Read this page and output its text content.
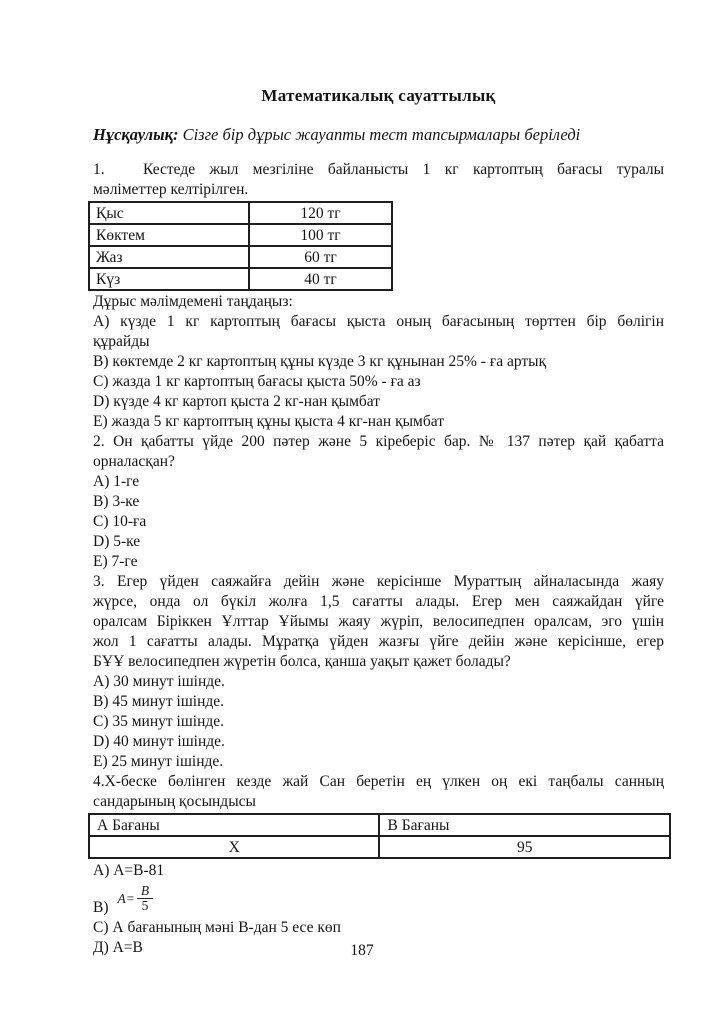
Математикалық сауаттылық

Нұсқаулық: Сізге бір дұрыс жауапты тест тапсырмалары беріледі

1. Кестеде жыл мезгіліне байланысты 1 кг картоптың бағасы туралы
мәліметтер келтірілген.
Қыс	120 тг
Көктем	100 тг
Жаз	60 тг
Күз	40 тг
Дұрыс мәлімдемені таңдаңыз:
А) күзде 1 кг картоптың бағасы қыста оның бағасының төрттен бір бөлігін
құрайды
В) көктемде 2 кг картоптың құны күзде 3 кг құнынан 25% - ға артық
С) жазда 1 кг картоптың бағасы қыста 50% - ға аз
D) күзде 4 кг картоп қыста 2 кг-нан қымбат
Е) жазда 5 кг картоптың құны қыста 4 кг-нан қымбат
2. Он қабатты үйде 200 пәтер және 5 кіреберіс бар. № 137 пәтер қай қабатта
орналасқан?
А) 1-ге
В) 3-ке
С) 10-ға
D) 5-ке
Е) 7-ге
3. Егер үйден саяжайға дейін және керісінше Мураттың айналасында жаяу
жүрсе, онда ол бүкіл жолға 1,5 сағатты алады. Егер мен саяжайдан үйге
оралсам Біріккен Ұлттар Ұйымы жаяу жүріп, велосипедпен оралсам, эго үшін
жол 1 сағатты алады. Мұратқа үйден жазғы үйге дейін және керісінше, егер
БҰҰ велосипедпен жүретін болса, қанша уақыт қажет болады?
А) 30 минут ішінде.
В) 45 минут ішінде.
С) 35 минут ішінде.
D) 40 минут ішінде.
Е) 25 минут ішінде.
4.Х-беске бөлінген кезде жай Сан беретін ең үлкен оң екі таңбалы санның
сандарының қосындысы
А Бағаны	В Бағаны
Х	95
А) А=В-81
В)
$А= \frac{В}{5}$
С) А бағанының мәні В-дан 5 есе көп
Д) А=В	187
